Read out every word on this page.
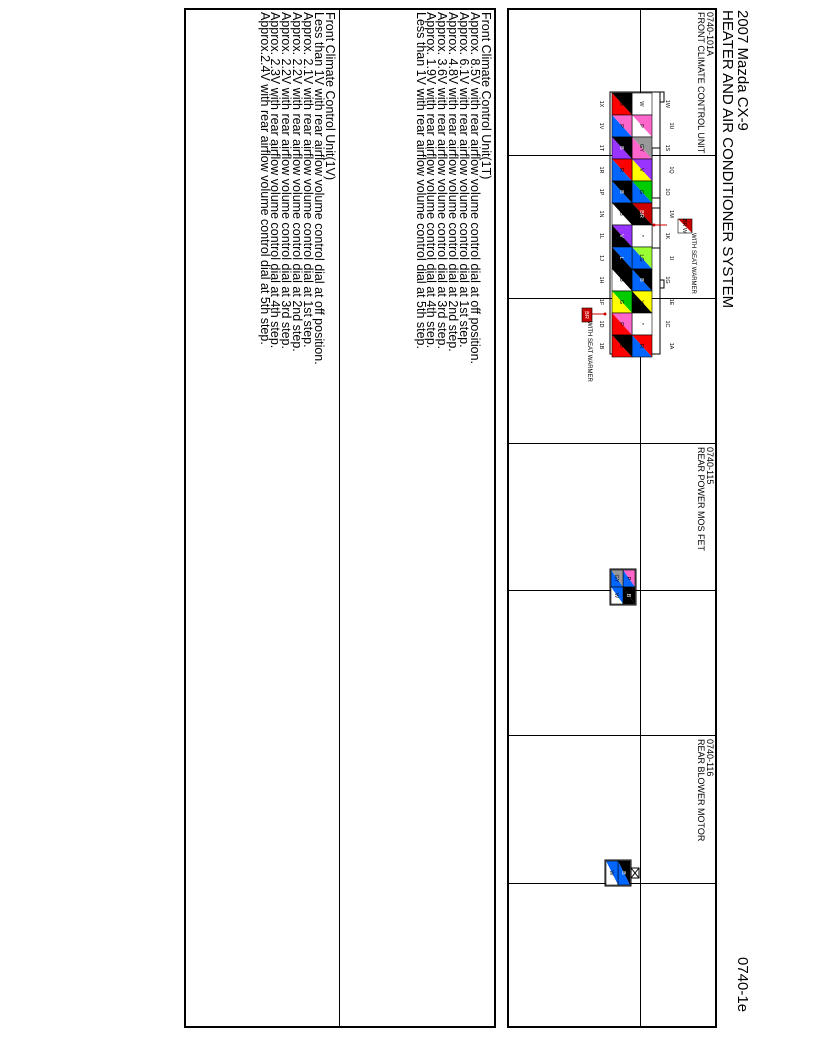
2007 Mazda CX-9
HEATER AND AIR CONDITIONER SYSTEM
0740-1e
0740-101A
FRONT CLIMATE CONTROL UNIT
0740-115
REAR POWER MOS FET
0740-116
REAR BLOWER MOTOR
W
P
GY
V
G
BR
*
LG
B
Y
*
R
B
P
B
R
B
B
V
L
B
G
P
B
1W
1U
1S
1Q
1O
1M
1K
1I
1G
1E
1C
1A
1X
1V
1T
1R
1P
1N
1L
1J
1H
1F
1D
1B
BR W
BR
WITH SEAT WARMER
WITH SEAT WARMER
P
B
GY
W
B
W
Front Climate Control Unit(1T)
Approx. 8.5V with rear airflow volume control dial at off position.
Approx. 6.1V with rear airflow volume control dial at 1st step.
Approx. 4.8V with rear airflow volume control dial at 2nd step.
Approx. 3.6V with rear airflow volume control dial at 3rd step.
Approx. 1.9V with rear airflow volume control dial at 4th step.
Less than 1V with rear airflow volume control dial at 5th step.
Front Climate Control Unit(1V)
Less than 1V with rear airflow volume control dial at off position.
Approx. 2.1V with rear airflow volume control dial at 1st step.
Approx. 2.2V with rear airflow volume control dial at 2nd step.
Approx. 2.2V with rear airflow volume control dial at 3rd step.
Approx. 2.3V with rear airflow volume control dial at 4th step.
Approx.2.4V with rear airflow volume control dial at 5th step.
